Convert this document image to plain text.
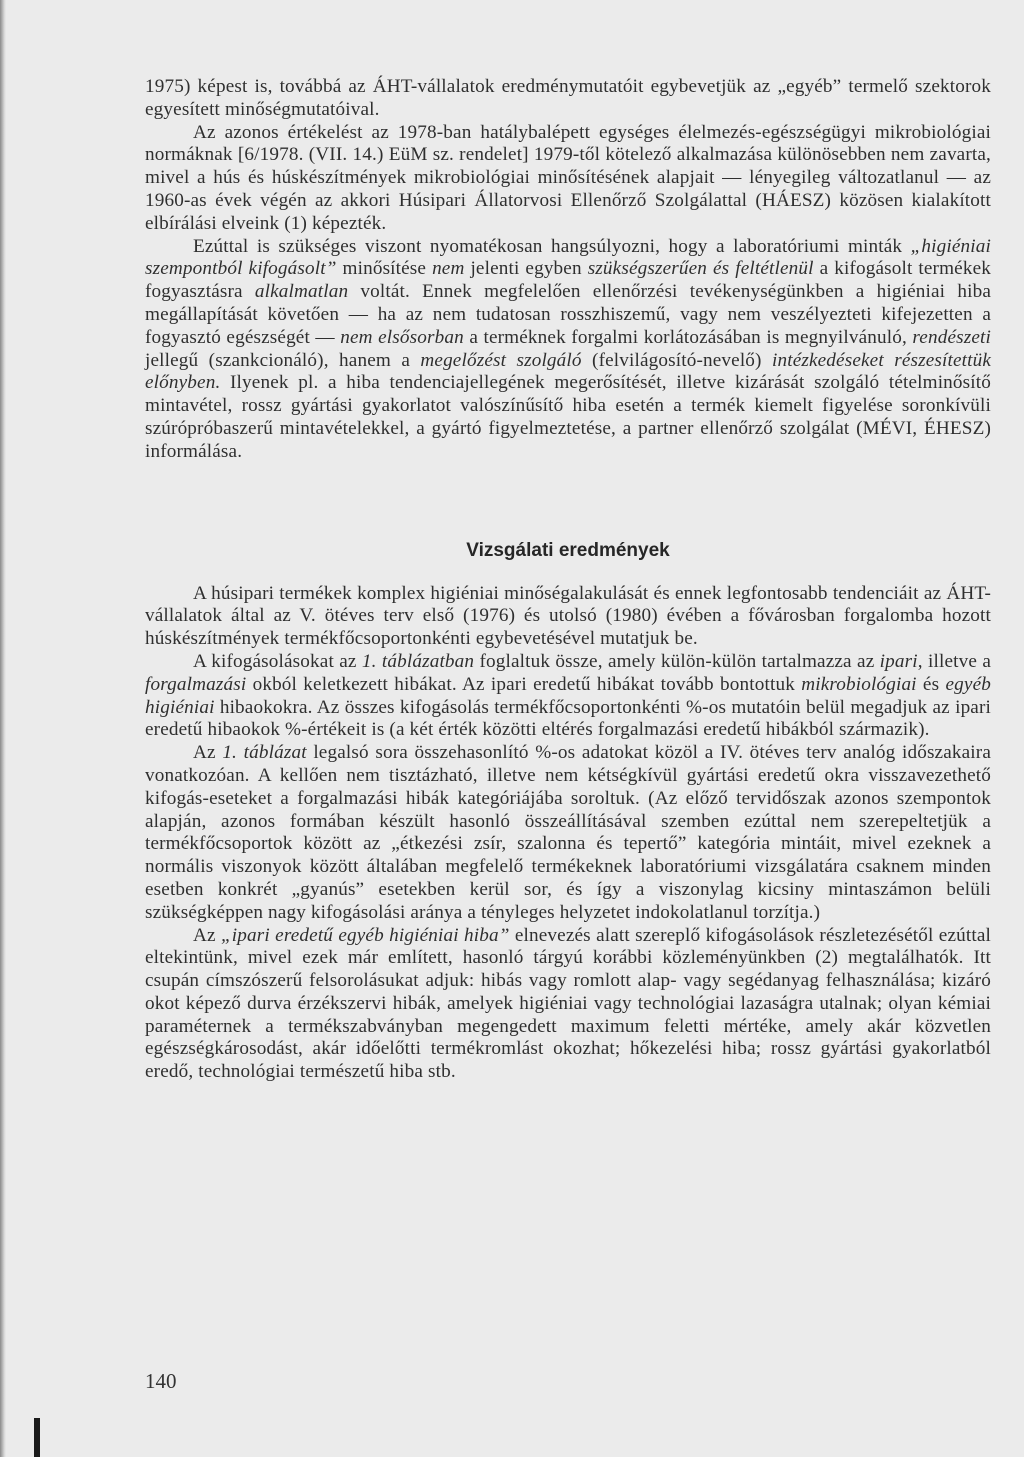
1975) képest is, továbbá az ÁHT-vállalatok eredménymutatóit egybevetjük az „egyéb” termelő szektorok egyesített minőségmutatóival.

Az azonos értékelést az 1978-ban hatálybalépett egységes élelmezés-egészségügyi mikrobiológiai normáknak [6/1978. (VII. 14.) EüM sz. rendelet] 1979-től kötelező alkalmazása különösebben nem zavarta, mivel a hús és húskészítmények mikrobiológiai minősítésének alapjait — lényegileg változatlanul — az 1960-as évek végén az akkori Húsipari Állatorvosi Ellenőrző Szolgálattal (HÁESZ) közösen kialakított elbírálási elveink (1) képezték.

Ezúttal is szükséges viszont nyomatékosan hangsúlyozni, hogy a laboratóriumi minták „higiéniai szempontból kifogásolt” minősítése nem jelenti egyben szükségszerűen és feltétlenül a kifogásolt termékek fogyasztásra alkalmatlan voltát. Ennek megfelelően ellenőrzési tevékenységünkben a higiéniai hiba megállapítását követően — ha az nem tudatosan rosszhiszemű, vagy nem veszélyezteti kifejezetten a fogyasztó egészségét — nem elsősorban a terméknek forgalmi korlátozásában is megnyilvánuló, rendészeti jellegű (szankcionáló), hanem a megelőzést szolgáló (felvilágosító-nevelő) intézkedéseket részesítettük előnyben. Ilyenek pl. a hiba tendenciajellegének megerősítését, illetve kizárását szolgáló tételminősítő mintavétel, rossz gyártási gyakorlatot valószínűsítő hiba esetén a termék kiemelt figyelése soronkívüli szúrópróbaszerű mintavételekkel, a gyártó figyelmeztetése, a partner ellenőrző szolgálat (MÉVI, ÉHESZ) informálása.

Vizsgálati eredmények

A húsipari termékek komplex higiéniai minőségalakulását és ennek legfontosabb tendenciáit az ÁHT-vállalatok által az V. ötéves terv első (1976) és utolsó (1980) évében a fővárosban forgalomba hozott húskészítmények termékfőcsoportonkénti egybevetésével mutatjuk be.

A kifogásolásokat az 1. táblázatban foglaltuk össze, amely külön-külön tartalmazza az ipari, illetve a forgalmazási okból keletkezett hibákat. Az ipari eredetű hibákat tovább bontottuk mikrobiológiai és egyéb higiéniai hibaokokra. Az összes kifogásolás termékfőcsoportonkénti %-os mutatóin belül megadjuk az ipari eredetű hibaokok %-értékeit is (a két érték közötti eltérés forgalmazási eredetű hibákból származik).

Az 1. táblázat legalsó sora összehasonlító %-os adatokat közöl a IV. ötéves terv analóg időszakaira vonatkozóan. A kellően nem tisztázható, illetve nem kétségkívül gyártási eredetű okra visszavezethető kifogás-eseteket a forgalmazási hibák kategóriájába soroltuk. (Az előző tervidőszak azonos szempontok alapján, azonos formában készült hasonló összeállításával szemben ezúttal nem szerepeltetjük a termékfőcsoportok között az „étkezési zsír, szalonna és tepertő” kategória mintáit, mivel ezeknek a normális viszonyok között általában megfelelő termékeknek laboratóriumi vizsgálatára csaknem minden esetben konkrét „gyanús” esetekben kerül sor, és így a viszonylag kicsiny mintaszámon belüli szükségképpen nagy kifogásolási aránya a tényleges helyzetet indokolatlanul torzítja.)

Az „ipari eredetű egyéb higiéniai hiba” elnevezés alatt szereplő kifogásolások részletezésétől ezúttal eltekintünk, mivel ezek már említett, hasonló tárgyú korábbi közleményünkben (2) megtalálhatók. Itt csupán címszószerű felsorolásukat adjuk: hibás vagy romlott alap- vagy segédanyag felhasználása; kizáró okot képező durva érzékszervi hibák, amelyek higiéniai vagy technológiai lazaságra utalnak; olyan kémiai paraméternek a termékszabványban megengedett maximum feletti mértéke, amely akár közvetlen egészségkárosodást, akár időelőtti termékromlást okozhat; hőkezelési hiba; rossz gyártási gyakorlatból eredő, technológiai természetű hiba stb.

140
